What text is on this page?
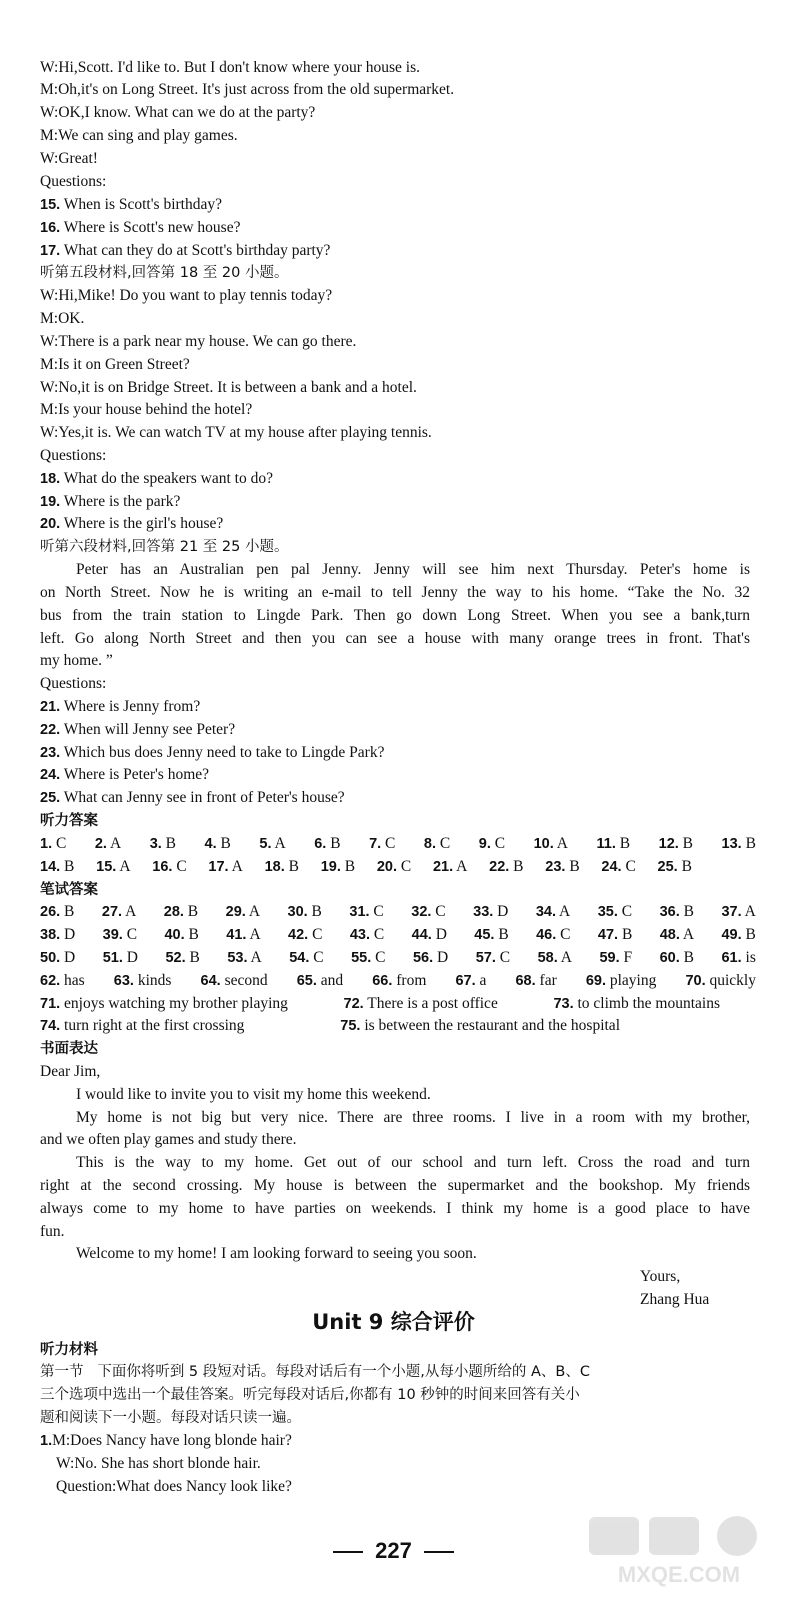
W:Hi,Scott. I'd like to. But I don't know where your house is.
M:Oh,it's on Long Street. It's just across from the old supermarket.
W:OK,I know. What can we do at the party?
M:We can sing and play games.
W:Great!
Questions:
15. When is Scott's birthday?
16. Where is Scott's new house?
17. What can they do at Scott's birthday party?
听第五段材料,回答第 18 至 20 小题。
W:Hi,Mike! Do you want to play tennis today?
M:OK.
W:There is a park near my house. We can go there.
M:Is it on Green Street?
W:No,it is on Bridge Street. It is between a bank and a hotel.
M:Is your house behind the hotel?
W:Yes,it is. We can watch TV at my house after playing tennis.
Questions:
18. What do the speakers want to do?
19. Where is the park?
20. Where is the girl's house?
听第六段材料,回答第 21 至 25 小题。
Peter has an Australian pen pal Jenny. Jenny will see him next Thursday. Peter's home is
on North Street. Now he is writing an e-mail to tell Jenny the way to his home. “Take the No. 32
bus from the train station to Lingde Park. Then go down Long Street. When you see a bank,turn
left. Go along North Street and then you can see a house with many orange trees in front. That's
my home. ”
Questions:
21. Where is Jenny from?
22. When will Jenny see Peter?
23. Which bus does Jenny need to take to Lingde Park?
24. Where is Peter's home?
25. What can Jenny see in front of Peter's house?
听力答案
1. C 2. A 3. B 4. B 5. A 6. B 7. C 8. C 9. C 10. A 11. B 12. B 13. B
14. B 15. A 16. C 17. A 18. B 19. B 20. C 21. A 22. B 23. B 24. C 25. B
笔试答案
26. B 27. A 28. B 29. A 30. B 31. C 32. C 33. D 34. A 35. C 36. B 37. A
38. D 39. C 40. B 41. A 42. C 43. C 44. D 45. B 46. C 47. B 48. A 49. B
50. D 51. D 52. B 53. A 54. C 55. C 56. D 57. C 58. A 59. F 60. B 61. is
62. has 63. kinds 64. second 65. and 66. from 67. a 68. far 69. playing 70. quickly
71. enjoys watching my brother playing	72. There is a post office	73. to climb the mountains
74. turn right at the first crossing	75. is between the restaurant and the hospital
书面表达
Dear Jim,
I would like to invite you to visit my home this weekend.
My home is not big but very nice. There are three rooms. I live in a room with my brother,
and we often play games and study there.
This is the way to my home. Get out of our school and turn left. Cross the road and turn
right at the second crossing. My house is between the supermarket and the bookshop. My friends
always come to my home to have parties on weekends. I think my home is a good place to have
fun.
Welcome to my home! I am looking forward to seeing you soon.
Yours,
Zhang Hua
Unit 9 综合评价
听力材料
第一节   下面你将听到 5 段短对话。每段对话后有一个小题,从每小题所给的 A、B、C
三个选项中选出一个最佳答案。听完每段对话后,你都有 10 秒钟的时间来回答有关小
题和阅读下一小题。每段对话只读一遍。
1.M:Does Nancy have long blonde hair?
W:No. She has short blonde hair.
Question:What does Nancy look like?
227
MXQE.COM
